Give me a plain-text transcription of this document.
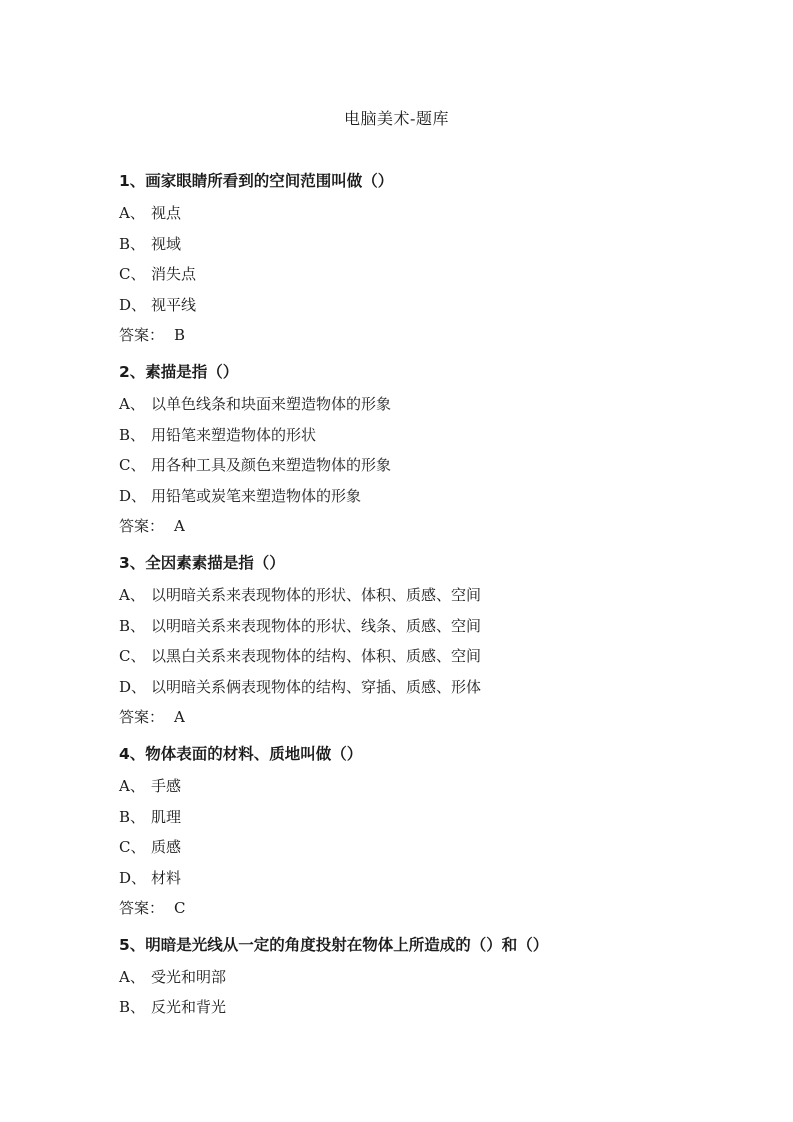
电脑美术-题库
1、画家眼睛所看到的空间范围叫做（）
A、 视点
B、 视域
C、 消失点
D、 视平线
答案： B
2、素描是指（）
A、 以单色线条和块面来塑造物体的形象
B、 用铅笔来塑造物体的形状
C、 用各种工具及颜色来塑造物体的形象
D、 用铅笔或炭笔来塑造物体的形象
答案： A
3、全因素素描是指（）
A、 以明暗关系来表现物体的形状、体积、质感、空间
B、 以明暗关系来表现物体的形状、线条、质感、空间
C、 以黑白关系来表现物体的结构、体积、质感、空间
D、 以明暗关系俩表现物体的结构、穿插、质感、形体
答案： A
4、物体表面的材料、质地叫做（）
A、 手感
B、 肌理
C、 质感
D、 材料
答案： C
5、明暗是光线从一定的角度投射在物体上所造成的（）和（）
A、 受光和明部
B、 反光和背光
